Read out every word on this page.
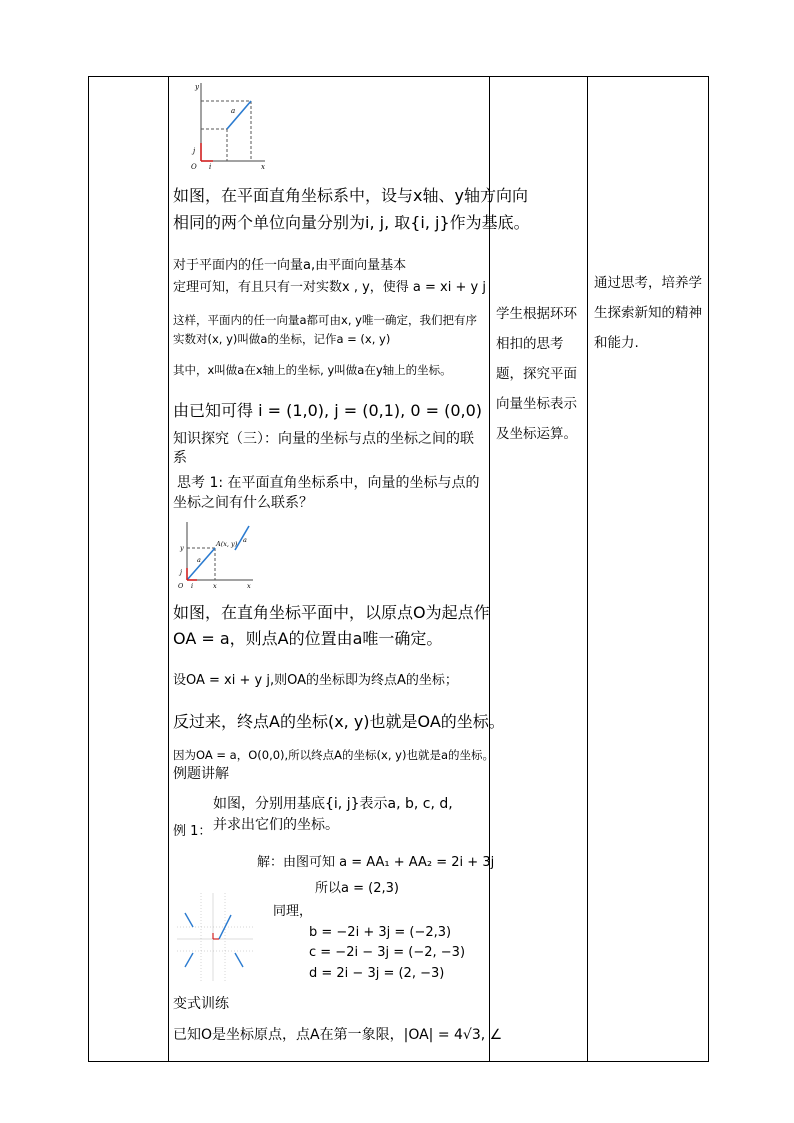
y
x
a
j
i
O
如图，在平面直角坐标系中，设与x轴、y轴方向向
相同的两个单位向量分别为i, j, 取{i, j}作为基底。
对于平面内的任一向量a,由平面向量基本
定理可知，有且只有一对实数x , y，使得 a = xi + y j
这样，平面内的任一向量a都可由x, y唯一确定，我们把有序
实数对(x, y)叫做a的坐标，记作a = (x, y)
其中，x叫做a在x轴上的坐标, y叫做a在y轴上的坐标。
由已知可得 i = (1,0), j = (0,1), 0 = (0,0)
知识探究（三）：向量的坐标与点的坐标之间的联
系
思考 1: 在平面直角坐标系中，向量的坐标与点的
坐标之间有什么联系？
y	A(x, y)
a
a
j
i
O	x	x
如图，在直角坐标平面中，以原点O为起点作
OA = a，则点A的位置由a唯一确定。
设OA = xi + y j,则OA的坐标即为终点A的坐标；
反过来，终点A的坐标(x, y)也就是OA的坐标。
因为OA = a，O(0,0),所以终点A的坐标(x, y)也就是a的坐标。
例题讲解
如图，分别用基底{i, j}表示a, b, c, d,
并求出它们的坐标。
例 1：
解：由图可知 a = AA₁ + AA₂ = 2i + 3j
所以a = (2,3)
同理，
b = −2i + 3j = (−2,3)
c = −2i − 3j = (−2, −3)
d = 2i − 3j = (2, −3)
变式训练
已知O是坐标原点，点A在第一象限，|OA| = 4√3, ∠

学生根据环环相扣的思考题，探究平面向量坐标表示及坐标运算。

通过思考，培养学生探索新知的精神和能力.
